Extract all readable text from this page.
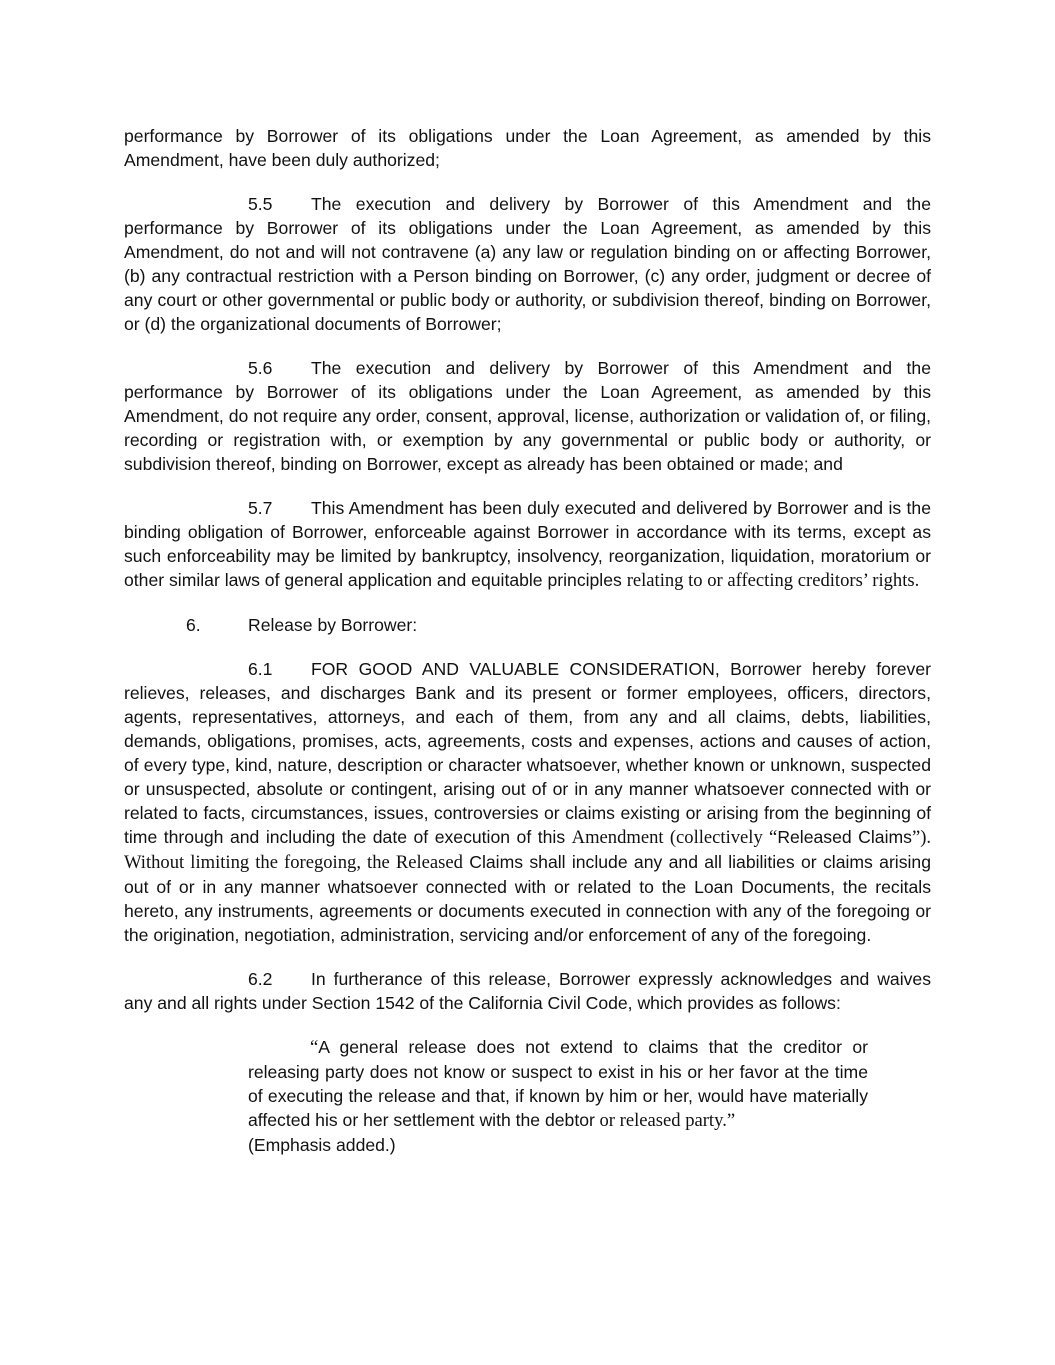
performance by Borrower of its obligations under the Loan Agreement, as amended by this Amendment, have been duly authorized;

5.5 The execution and delivery by Borrower of this Amendment and the performance by Borrower of its obligations under the Loan Agreement, as amended by this Amendment, do not and will not contravene (a) any law or regulation binding on or affecting Borrower, (b) any contractual restriction with a Person binding on Borrower, (c) any order, judgment or decree of any court or other governmental or public body or authority, or subdivision thereof, binding on Borrower, or (d) the organizational documents of Borrower;

5.6 The execution and delivery by Borrower of this Amendment and the performance by Borrower of its obligations under the Loan Agreement, as amended by this Amendment, do not require any order, consent, approval, license, authorization or validation of, or filing, recording or registration with, or exemption by any governmental or public body or authority, or subdivision thereof, binding on Borrower, except as already has been obtained or made; and

5.7 This Amendment has been duly executed and delivered by Borrower and is the binding obligation of Borrower, enforceable against Borrower in accordance with its terms, except as such enforceability may be limited by bankruptcy, insolvency, reorganization, liquidation, moratorium or other similar laws of general application and equitable principles relating to or affecting creditors’ rights.

6.	Release by Borrower:

6.1 FOR GOOD AND VALUABLE CONSIDERATION, Borrower hereby forever relieves, releases, and discharges Bank and its present or former employees, officers, directors, agents, representatives, attorneys, and each of them, from any and all claims, debts, liabilities, demands, obligations, promises, acts, agreements, costs and expenses, actions and causes of action, of every type, kind, nature, description or character whatsoever, whether known or unknown, suspected or unsuspected, absolute or contingent, arising out of or in any manner whatsoever connected with or related to facts, circumstances, issues, controversies or claims existing or arising from the beginning of time through and including the date of execution of this Amendment (collectively “Released Claims”). Without limiting the foregoing, the Released Claims shall include any and all liabilities or claims arising out of or in any manner whatsoever connected with or related to the Loan Documents, the recitals hereto, any instruments, agreements or documents executed in connection with any of the foregoing or the origination, negotiation, administration, servicing and/or enforcement of any of the foregoing.

6.2 In furtherance of this release, Borrower expressly acknowledges and waives any and all rights under Section 1542 of the California Civil Code, which provides as follows:

“A general release does not extend to claims that the creditor or releasing party does not know or suspect to exist in his or her favor at the time of executing the release and that, if known by him or her, would have materially affected his or her settlement with the debtor or released party.”

(Emphasis added.)
